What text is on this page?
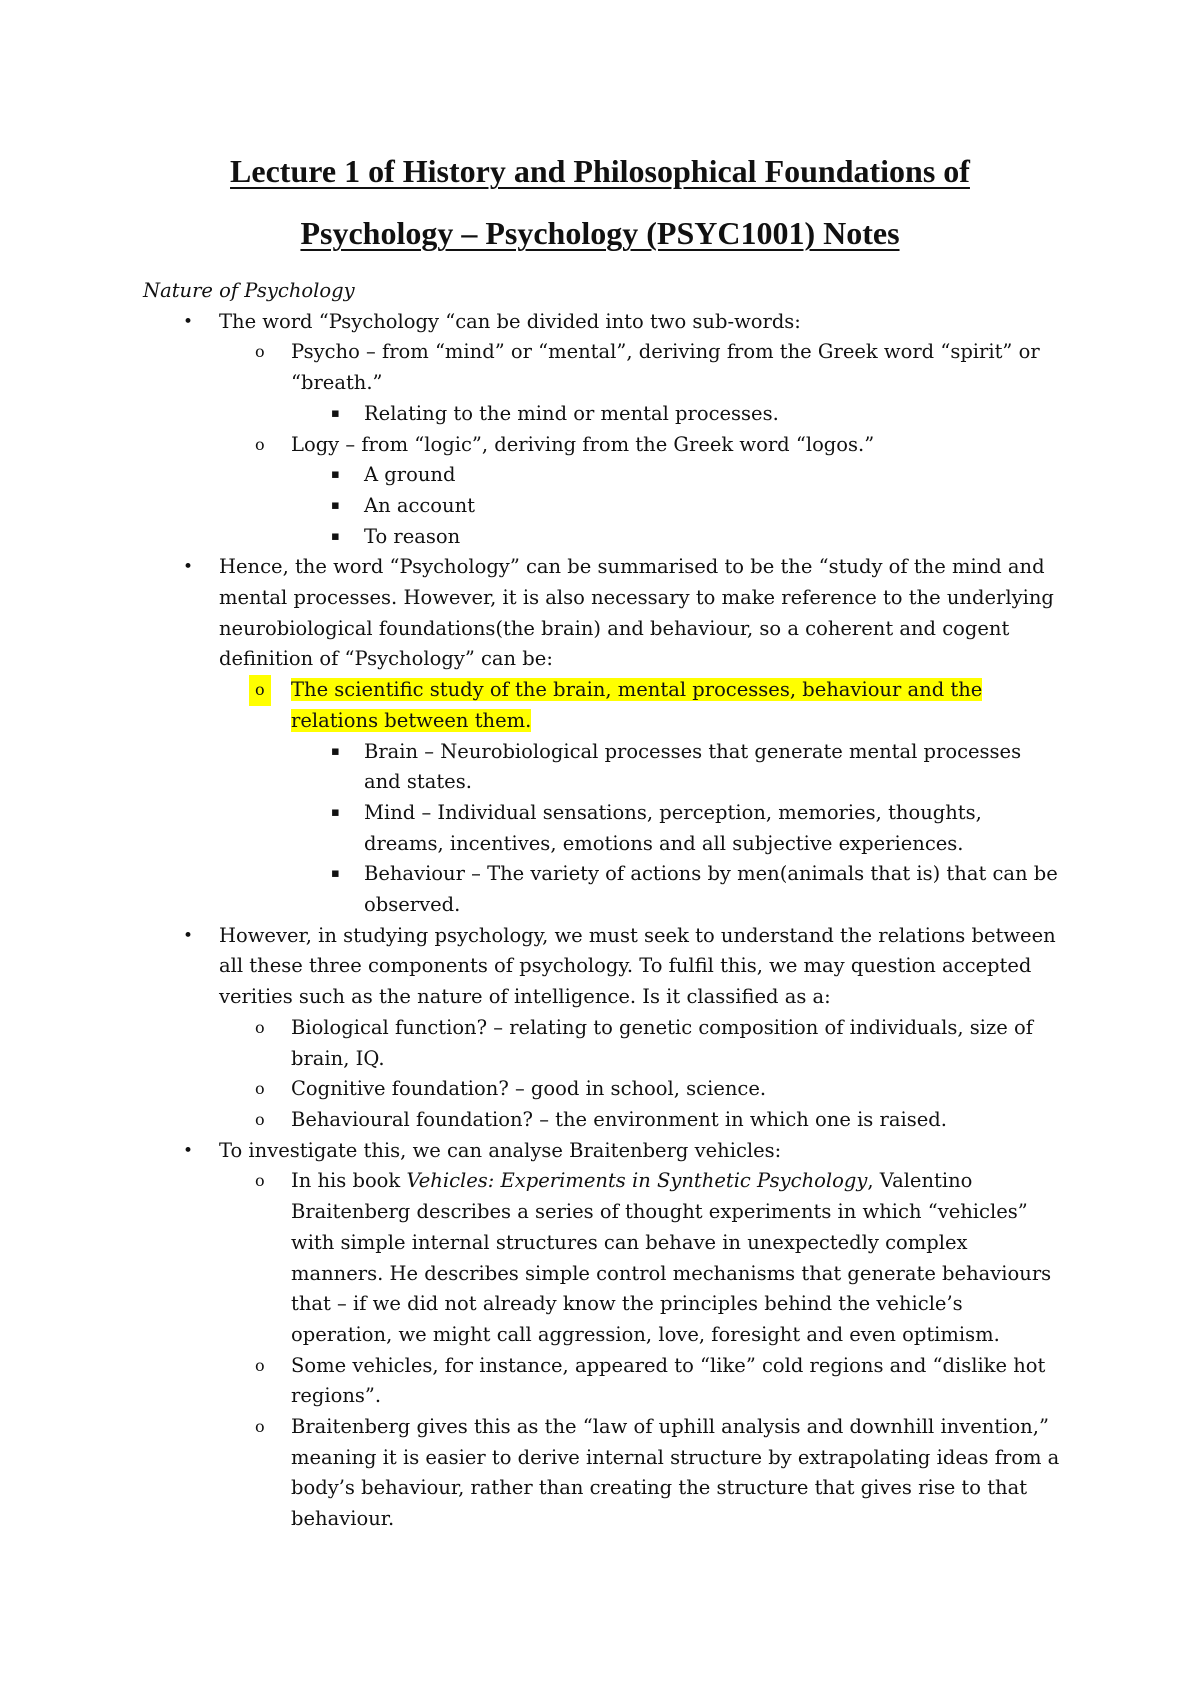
Lecture 1 of History and Philosophical Foundations of
Psychology – Psychology (PSYC1001) Notes

Nature of Psychology

• The word “Psychology “can be divided into two sub-words:
o Psycho – from “mind” or “mental”, deriving from the Greek word “spirit” or “breath.”
▪ Relating to the mind or mental processes.
o Logy – from “logic”, deriving from the Greek word “logos.”
▪ A ground
▪ An account
▪ To reason
• Hence, the word “Psychology” can be summarised to be the “study of the mind and mental processes. However, it is also necessary to make reference to the underlying neurobiological foundations(the brain) and behaviour, so a coherent and cogent definition of “Psychology” can be:
o	The scientific study of the brain, mental processes, behaviour and the relations between them.
▪ Brain – Neurobiological processes that generate mental processes and states.
▪ Mind – Individual sensations, perception, memories, thoughts, dreams, incentives, emotions and all subjective experiences.
▪ Behaviour – The variety of actions by men(animals that is) that can be observed.
• However, in studying psychology, we must seek to understand the relations between all these three components of psychology. To fulfil this, we may question accepted verities such as the nature of intelligence. Is it classified as a:
o Biological function? – relating to genetic composition of individuals, size of brain, IQ.
o Cognitive foundation? – good in school, science.
o Behavioural foundation? – the environment in which one is raised.
• To investigate this, we can analyse Braitenberg vehicles:
o In his book Vehicles: Experiments in Synthetic Psychology, Valentino Braitenberg describes a series of thought experiments in which “vehicles” with simple internal structures can behave in unexpectedly complex manners. He describes simple control mechanisms that generate behaviours that – if we did not already know the principles behind the vehicle’s operation, we might call aggression, love, foresight and even optimism.
o Some vehicles, for instance, appeared to “like” cold regions and “dislike hot regions”.
o Braitenberg gives this as the “law of uphill analysis and downhill invention,” meaning it is easier to derive internal structure by extrapolating ideas from a body’s behaviour, rather than creating the structure that gives rise to that behaviour.
